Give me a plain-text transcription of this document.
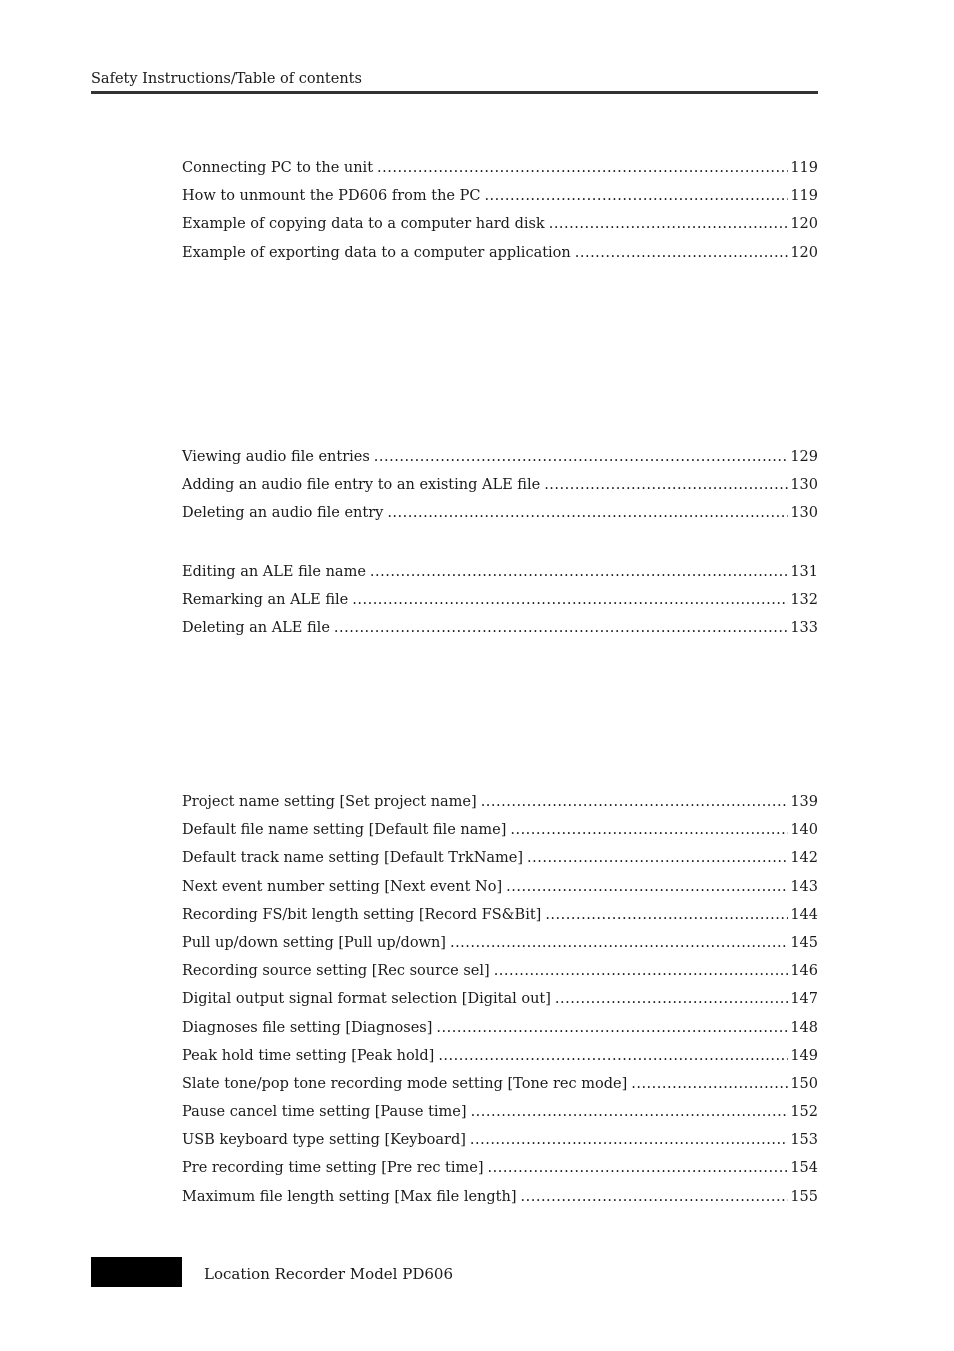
Safety Instructions/Table of contents
Connecting PC to the unit .....	119
How to unmount the PD606 from the PC .....	119
Example of copying data to a computer hard disk .....	120
Example of exporting data to a computer application .....	120
Viewing audio file entries .....	129
Adding an audio file entry to an existing ALE file .....	130
Deleting an audio file entry .....	130
Editing an ALE file name .....	131
Remarking an ALE file .....	132
Deleting an ALE file .....	133
Project name setting [Set project name] .....	139
Default file name setting [Default file name] .....	140
Default track name setting [Default TrkName] .....	142
Next event number setting [Next event No] .....	143
Recording FS/bit length setting [Record FS&Bit] .....	144
Pull up/down setting [Pull up/down] .....	145
Recording source setting [Rec source sel] .....	146
Digital output signal format selection [Digital out] .....	147
Diagnoses file setting [Diagnoses] .....	148
Peak hold time setting [Peak hold] .....	149
Slate tone/pop tone recording mode setting [Tone rec mode] .....	150
Pause cancel time setting [Pause time] .....	152
USB keyboard type setting [Keyboard] .....	153
Pre recording time setting [Pre rec time] .....	154
Maximum file length setting [Max file length] .....	155
Location Recorder Model PD606
